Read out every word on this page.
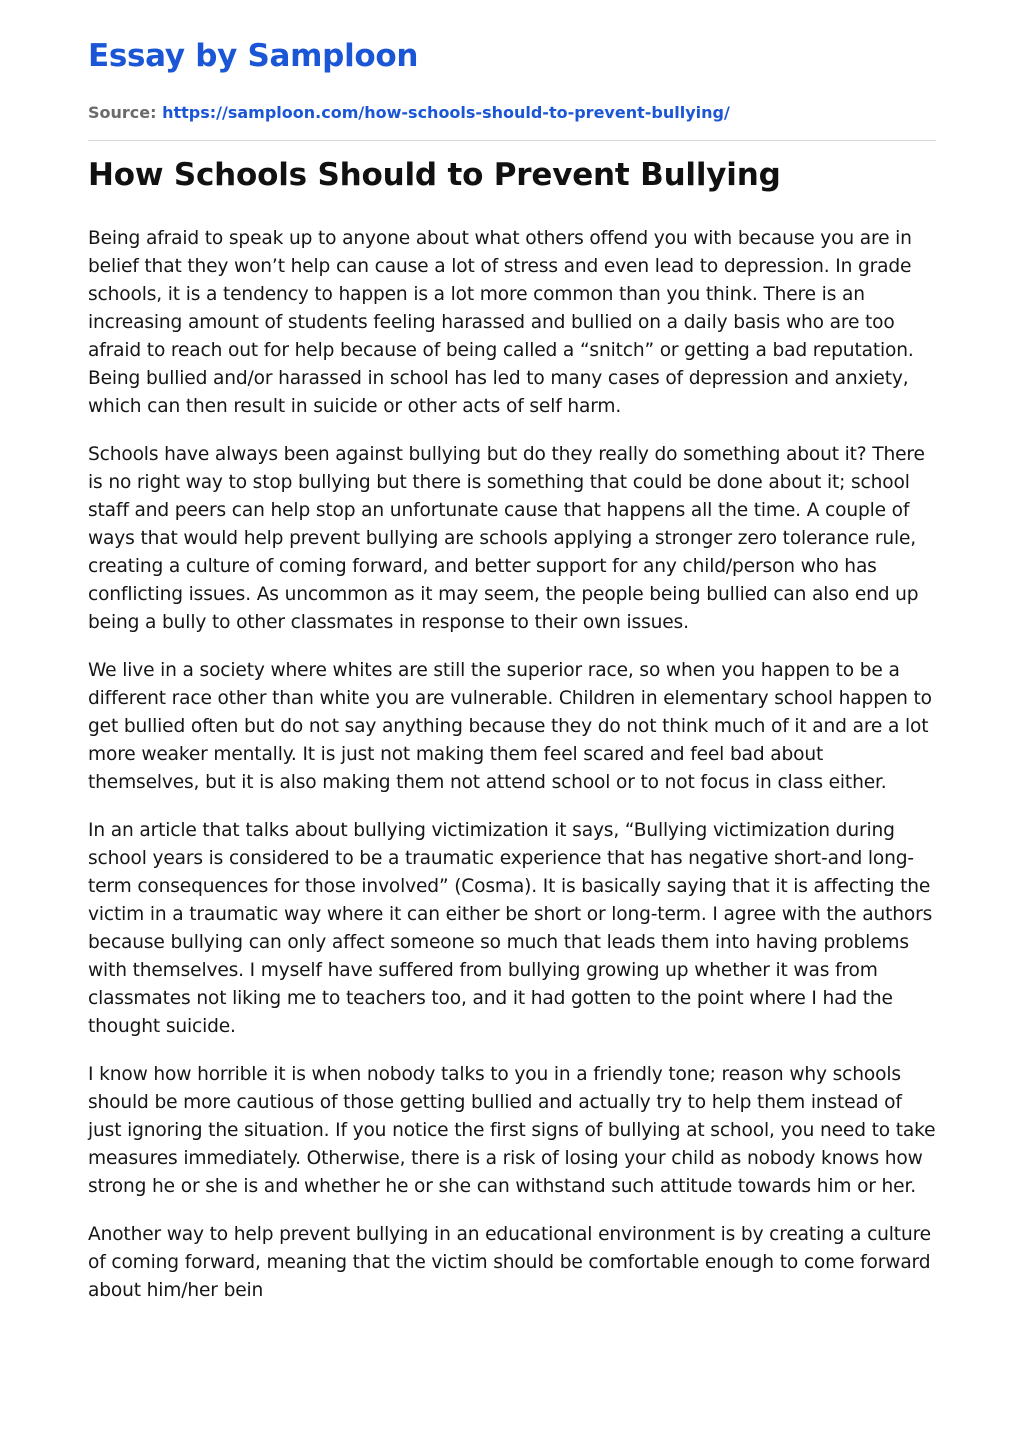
Essay by Samploon
Source: https://samploon.com/how-schools-should-to-prevent-bullying/
How Schools Should to Prevent Bullying

Being afraid to speak up to anyone about what others offend you with because you are in belief that they won’t help can cause a lot of stress and even lead to depression. In grade schools, it is a tendency to happen is a lot more common than you think. There is an increasing amount of students feeling harassed and bullied on a daily basis who are too afraid to reach out for help because of being called a “snitch” or getting a bad reputation. Being bullied and/or harassed in school has led to many cases of depression and anxiety, which can then result in suicide or other acts of self harm.

Schools have always been against bullying but do they really do something about it? There is no right way to stop bullying but there is something that could be done about it; school staff and peers can help stop an unfortunate cause that happens all the time. A couple of ways that would help prevent bullying are schools applying a stronger zero tolerance rule, creating a culture of coming forward, and better support for any child/person who has conflicting issues. As uncommon as it may seem, the people being bullied can also end up being a bully to other classmates in response to their own issues.

We live in a society where whites are still the superior race, so when you happen to be a different race other than white you are vulnerable. Children in elementary school happen to get bullied often but do not say anything because they do not think much of it and are a lot more weaker mentally. It is just not making them feel scared and feel bad about themselves, but it is also making them not attend school or to not focus in class either.

In an article that talks about bullying victimization it says, “Bullying victimization during school years is considered to be a traumatic experience that has negative short-and long-term consequences for those involved” (Cosma). It is basically saying that it is affecting the victim in a traumatic way where it can either be short or long-term. I agree with the authors because bullying can only affect someone so much that leads them into having problems with themselves. I myself have suffered from bullying growing up whether it was from classmates not liking me to teachers too, and it had gotten to the point where I had the thought suicide.

I know how horrible it is when nobody talks to you in a friendly tone; reason why schools should be more cautious of those getting bullied and actually try to help them instead of just ignoring the situation. If you notice the first signs of bullying at school, you need to take measures immediately. Otherwise, there is a risk of losing your child as nobody knows how strong he or she is and whether he or she can withstand such attitude towards him or her.

Another way to help prevent bullying in an educational environment is by creating a culture of coming forward, meaning that the victim should be comfortable enough to come forward about him/her bein
